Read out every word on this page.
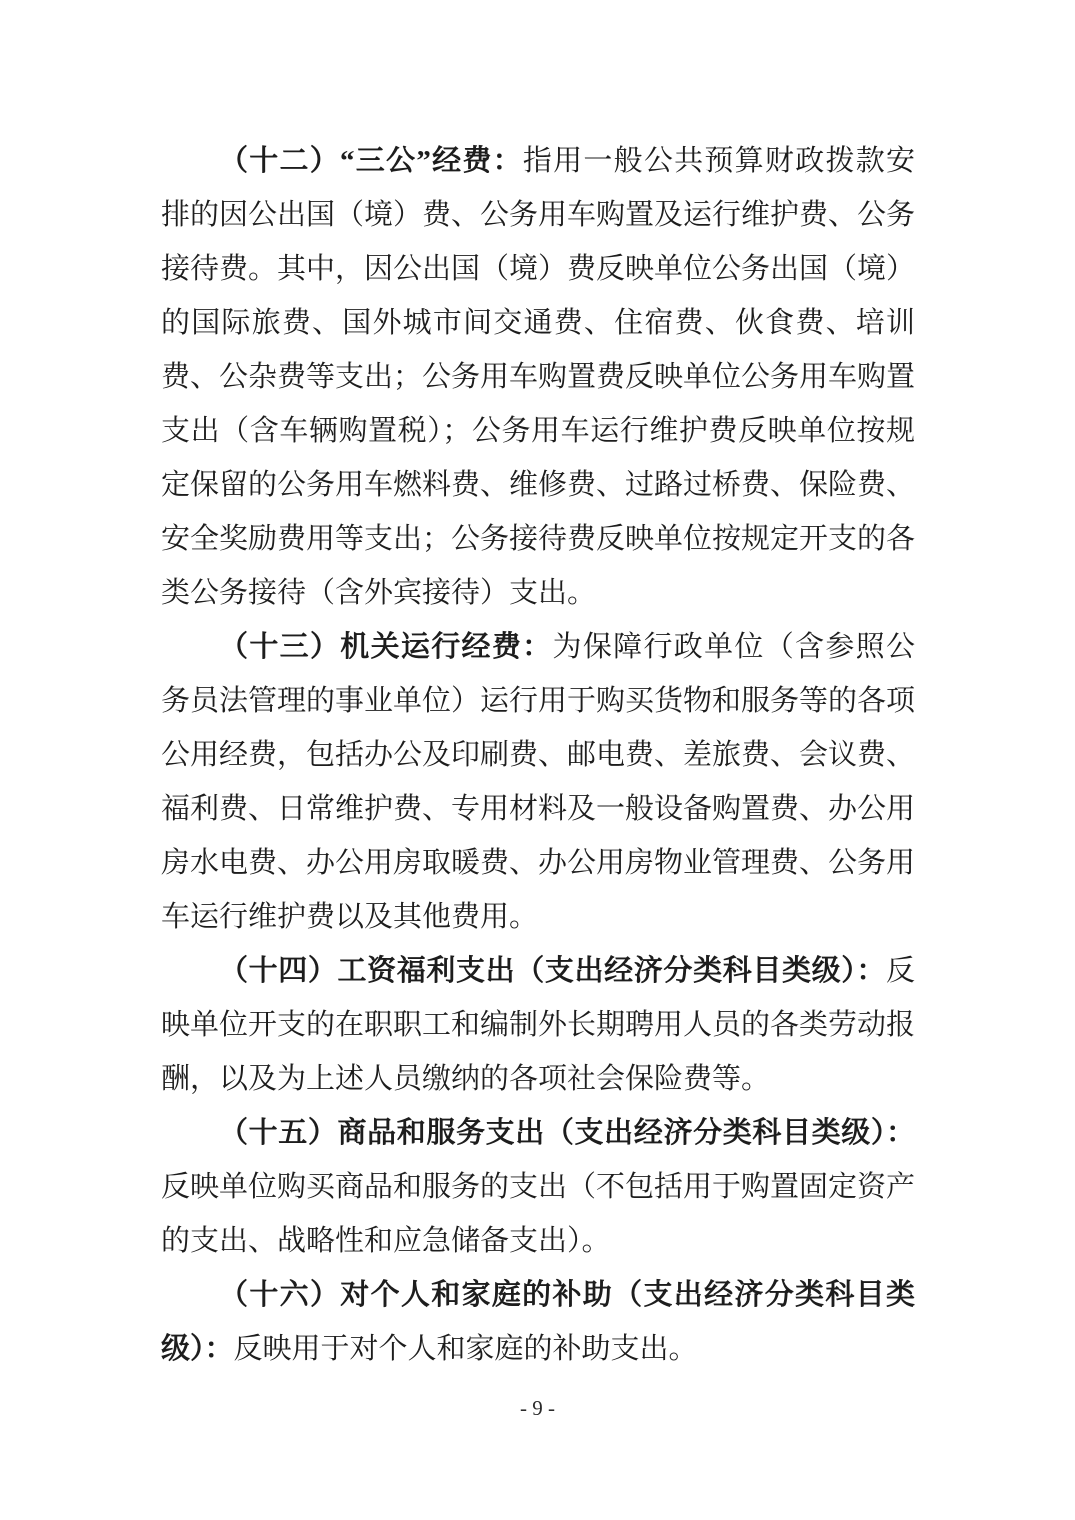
（十二）“三公”经费：指用一般公共预算财政拨款安排的因公出国（境）费、公务用车购置及运行维护费、公务接待费。其中，因公出国（境）费反映单位公务出国（境）的国际旅费、国外城市间交通费、住宿费、伙食费、培训费、公杂费等支出；公务用车购置费反映单位公务用车购置支出（含车辆购置税）；公务用车运行维护费反映单位按规定保留的公务用车燃料费、维修费、过路过桥费、保险费、安全奖励费用等支出；公务接待费反映单位按规定开支的各类公务接待（含外宾接待）支出。

（十三）机关运行经费：为保障行政单位（含参照公务员法管理的事业单位）运行用于购买货物和服务等的各项公用经费，包括办公及印刷费、邮电费、差旅费、会议费、福利费、日常维护费、专用材料及一般设备购置费、办公用房水电费、办公用房取暖费、办公用房物业管理费、公务用车运行维护费以及其他费用。

（十四）工资福利支出（支出经济分类科目类级）：反映单位开支的在职职工和编制外长期聘用人员的各类劳动报酬，以及为上述人员缴纳的各项社会保险费等。

（十五）商品和服务支出（支出经济分类科目类级）：反映单位购买商品和服务的支出（不包括用于购置固定资产的支出、战略性和应急储备支出）。

（十六）对个人和家庭的补助（支出经济分类科目类级）：反映用于对个人和家庭的补助支出。

- 9 -
